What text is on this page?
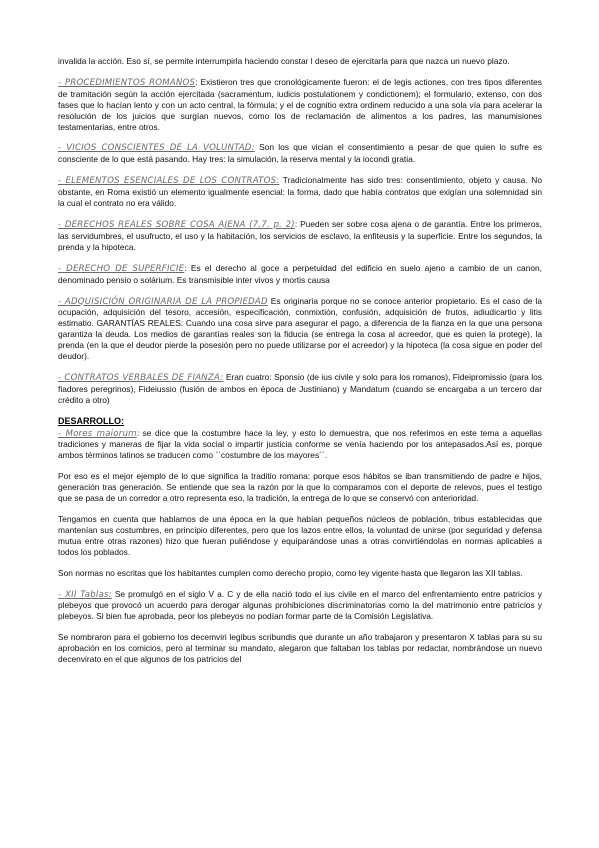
invalida la acción. Eso sí, se permite interrumpirla haciendo constar l deseo de ejercitarla para que nazca un nuevo plazo.

- PROCEDIMIENTOS ROMANOS: Existieron tres que cronológicamente fueron: el de legis actiones, con tres tipos diferentes de tramitación según la acción ejercitada (sacramentum, iudicis postulationem y condictionem); el formulario, extenso, con dos fases que lo hacían lento y con un acto central, la fórmula; y el de cognitio extra ordinem reducido a una sola vía para acelerar la resolución de los juicios que surgían nuevos, como los de reclamación de alimentos a los padres, las manumisiones testamentarias, entre otros.

- VICIOS CONSCIENTES DE LA VOLUNTAD: Son los que vician el consentimiento a pesar de que quien lo sufre es consciente de lo que está pasando. Hay tres: la simulación, la reserva mental y la iocondi gratia.

- ELEMENTOS ESENCIALES DE LOS CONTRATOS: Tradicionalmente has sido tres: consentimiento, objeto y causa. No obstante, en Roma existió un elemento igualmente esencial: la forma, dado que había contratos que exigían una solemnidad sin la cual el contrato no era válido.

- DERECHOS REALES SOBRE COSA AJENA (7.7. p. 2): Pueden ser sobre cosa ajena o de garantía. Entre los primeros, las servidumbres, el usufructo, el uso y la habitación, los servicios de esclavo, la enfiteusis y la superficie. Entre los segundos, la prenda y la hipoteca.

- DERECHO DE SUPERFICIE: Es el derecho al goce a perpetuidad del edificio en suelo ajeno a cambio de un canon, denominado pensio o solárium. Es transmisible inter vivos y mortis causa

- ADQUISICIÓN ORIGINARIA DE LA PROPIEDAD Es originaria porque no se conoce anterior propietario. Es el caso de la ocupación, adquisición del tesoro, accesión, especificación, conmixtión, confusión, adquisición de frutos, adiudicartio y litis estimatio. GARANTÍAS REALES: Cuando una cosa sirve para asegurar el pago, a diferencia de la fianza en la que una persona garantiza la deuda. Los medios de garantías reales son la fiducia (se entrega la cosa al acreedor, que es quien la protege), la prenda (en la que el deudor pierde la posesión pero no puede utilizarse por el acreedor) y la hipoteca (la cosa sigue en poder del deudor).

- CONTRATOS VERBALES DE FIANZA: Eran cuatro: Sponsio (de ius civile y solo para los romanos), Fideipromissio (para los fiadores peregrinos), Fideiussio (fusión de ambos en época de Justiniano) y Mandatum (cuando se encargaba a un tercero dar crédito a otro)

DESARROLLO:

- Mores maiorum: se dice que la costumbre hace la ley, y esto lo demuestra, que nos referimos en este tema a aquellas tradiciones y maneras de fijar la vida social o impartir justicia conforme se venía haciendo por los antepasados.Así es, porque ambos términos latinos se traducen como ``costumbre de los mayores´´.

Por eso es el mejor ejemplo de lo que significa la traditio romana: porque esos hábitos se iban transmitiendo de padre e hijos, generación tras generación. Se entiende que sea la razón por la que lo comparamos con el deporte de relevos, pues el testigo que se pasa de un corredor a otro representa eso, la tradición, la entrega de lo que se conservó con anterioridad.

Tengamos en cuenta que hablamos de una época en la que habían pequeños núcleos de población, tribus establecidas que mantenían sus costumbres, en principio diferentes, pero que los lazos entre ellos, la voluntad de unirse (por seguridad y defensa mutua entre otras razones) hizo que fueran puliéndose y equiparándose unas a otras convirtiéndolas en normas aplicables a todos los poblados.

Son normas no escritas que los habitantes cumplen como derecho propio, como ley vigente hasta que llegaron las XII tablas.

- XII Tablas: Se promulgó en el siglo V a. C y de ella nació todo el ius civile en el marco del enfrentamiento entre patricios y plebeyos que provocó un acuerdo para derogar algunas prohibiciones discriminatorias como la del matrimonio entre patricios y plebeyos. Si bien fue aprobada, peor los plebeyos no podían formar parte de la Comisión Legislativa.

Se nombraron para el gobierno los decemviri legibus scribundis que durante un año trabajaron y presentaron X tablas para su su aprobación en los comicios, pero al terminar su mandato, alegaron que faltaban los tablas por redactar, nombrándose un nuevo decenvirato en el que algunos de los patricios del
